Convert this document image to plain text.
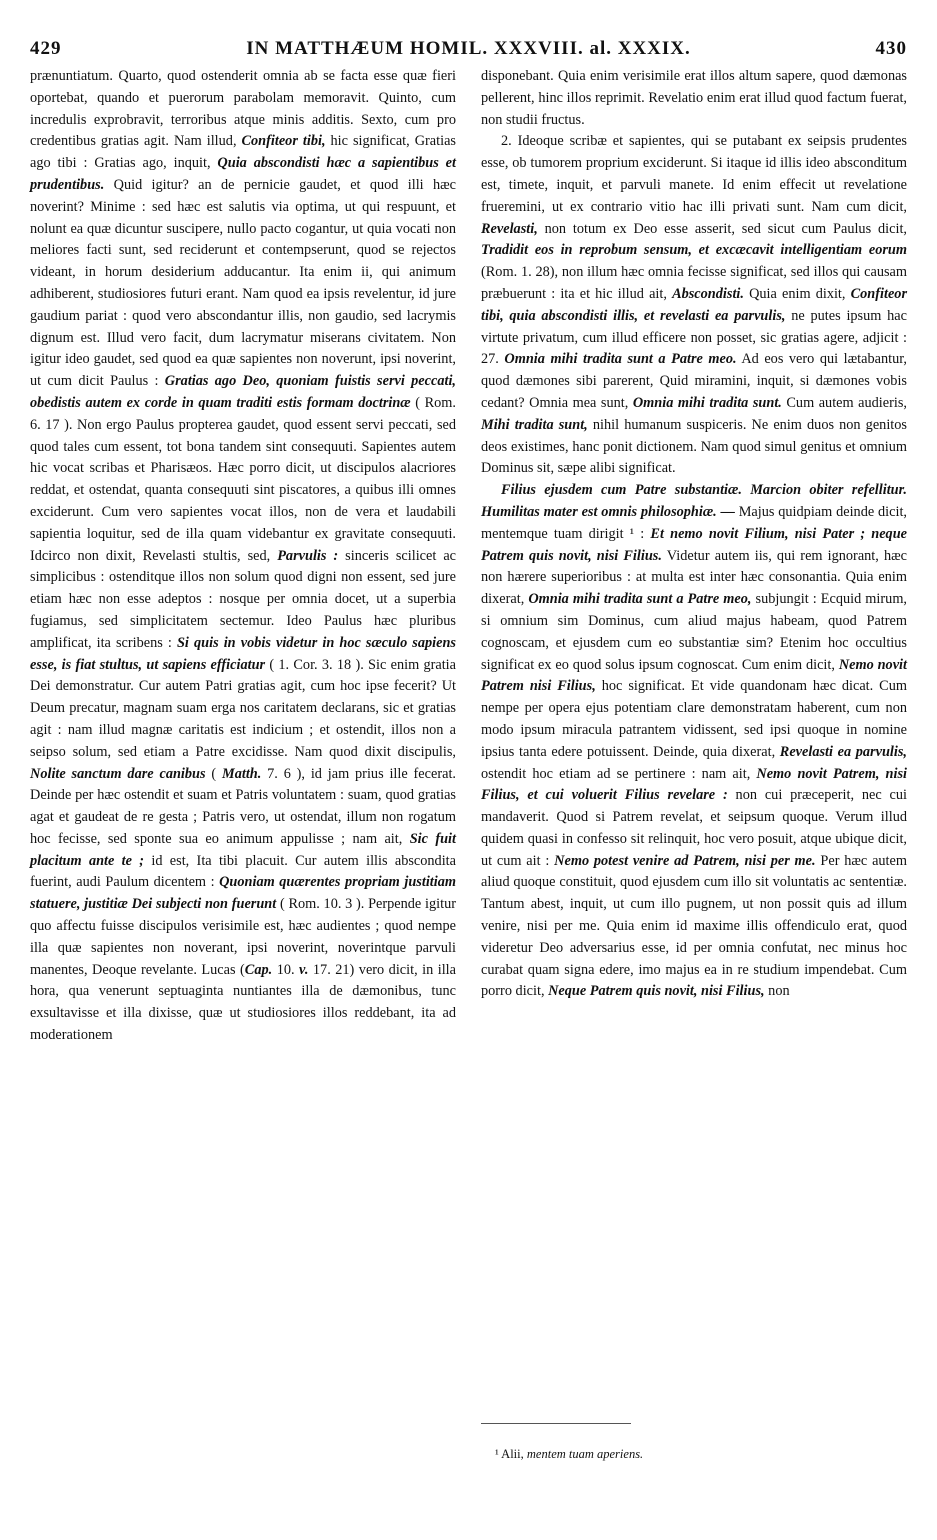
429	IN MATTHÆUM HOMIL. XXXVIII. al. XXXIX.	430

prænuntiatum. Quarto, quod ostenderit omnia ab se facta esse quæ fieri oportebat, quando et puerorum parabolam memoravit. Quinto, cum incredulis exprobravit, terroribus atque minis additis. Sexto, cum pro credentibus gratias agit. Nam illud, Confiteor tibi, hic significat, Gratias ago tibi : Gratias ago, inquit, Quia abscondisti hæc a sapientibus et prudentibus. Quid igitur? an de pernicie gaudet, et quod illi hæc noverint? Minime : sed hæc est salutis via optima, ut qui respuunt, et nolunt ea quæ dicuntur suscipere, nullo pacto cogantur, ut quia vocati non meliores facti sunt, sed reciderunt et contempserunt, quod se rejectos videant, in horum desiderium adducantur. Ita enim ii, qui animum adhiberent, studiosiores futuri erant. Nam quod ea ipsis revelentur, id jure gaudium pariat : quod vero abscondantur illis, non gaudio, sed lacrymis dignum est. Illud vero facit, dum lacrymatur miserans civitatem. Non igitur ideo gaudet, sed quod ea quæ sapientes non noverunt, ipsi noverint, ut cum dicit Paulus : Gratias ago Deo, quoniam fuistis servi peccati, obedistis autem ex corde in quam traditi estis formam doctrinæ ( Rom. 6. 17 ). Non ergo Paulus propterea gaudet, quod essent servi peccati, sed quod tales cum essent, tot bona tandem sint consequuti. Sapientes autem hic vocat scribas et Pharisæos. Hæc porro dicit, ut discipulos alacriores reddat, et ostendat, quanta consequuti sint piscatores, a quibus illi omnes exciderunt. Cum vero sapientes vocat illos, non de vera et laudabili sapientia loquitur, sed de illa quam videbantur ex gravitate consequuti. Idcirco non dixit, Revelasti stultis, sed, Parvulis : sinceris scilicet ac simplicibus : ostenditque illos non solum quod digni non essent, sed jure etiam hæc non esse adeptos : nosque per omnia docet, ut a superbia fugiamus, sed simplicitatem sectemur. Ideo Paulus hæc pluribus amplificat, ita scribens : Si quis in vobis videtur in hoc sæculo sapiens esse, is fiat stultus, ut sapiens efficiatur ( 1. Cor. 3. 18 ). Sic enim gratia Dei demonstratur. Cur autem Patri gratias agit, cum hoc ipse fecerit? Ut Deum precatur, magnam suam erga nos caritatem declarans, sic et gratias agit : nam illud magnæ caritatis est indicium ; et ostendit, illos non a seipso solum, sed etiam a Patre excidisse. Nam quod dixit discipulis, Nolite sanctum dare canibus ( Matth. 7. 6 ), id jam prius ille fecerat. Deinde per hæc ostendit et suam et Patris voluntatem : suam, quod gratias agat et gaudeat de re gesta ; Patris vero, ut ostendat, illum non rogatum hoc fecisse, sed sponte sua eo animum appulisse ; nam ait, Sic fuit placitum ante te ; id est, Ita tibi placuit. Cur autem illis abscondita fuerint, audi Paulum dicentem : Quoniam quærentes propriam justitiam statuere, justitiæ Dei subjecti non fuerunt ( Rom. 10. 3 ). Perpende igitur quo affectu fuisse discipulos verisimile est, hæc audientes ; quod nempe illa quæ sapientes non noverant, ipsi noverint, noverintque parvuli manentes, Deoque revelante. Lucas (Cap. 10. v. 17. 21) vero dicit, in illa hora, qua venerunt septuaginta nuntiantes illa de dæmonibus, tunc exsultavisse et illa dixisse, quæ ut studiosiores illos reddebant, ita ad moderationem

disponebant. Quia enim verisimile erat illos altum sapere, quod dæmonas pellerent, hinc illos reprimit. Revelatio enim erat illud quod factum fuerat, non studii fructus.

2. Ideoque scribæ et sapientes, qui se putabant ex seipsis prudentes esse, ob tumorem proprium exciderunt. Si itaque id illis ideo absconditum est, timete, inquit, et parvuli manete. Id enim effecit ut revelatione frueremini, ut ex contrario vitio hac illi privati sunt. Nam cum dicit, Revelasti, non totum ex Deo esse asserit, sed sicut cum Paulus dicit, Tradidit eos in reprobum sensum, et excæcavit intelligentiam eorum (Rom. 1. 28), non illum hæc omnia fecisse significat, sed illos qui causam præbuerunt : ita et hic illud ait, Abscondisti. Quia enim dixit, Confiteor tibi, quia abscondisti illis, et revelasti ea parvulis, ne putes ipsum hac virtute privatum, cum illud efficere non posset, sic gratias agere, adjicit : 27. Omnia mihi tradita sunt a Patre meo. Ad eos vero qui lætabantur, quod dæmones sibi parerent, Quid miramini, inquit, si dæmones vobis cedant? Omnia mea sunt, Omnia mihi tradita sunt. Cum autem audieris, Mihi tradita sunt, nihil humanum suspiceris. Ne enim duos non genitos deos existimes, hanc ponit dictionem. Nam quod simul genitus et omnium Dominus sit, sæpe alibi significat.

Filius ejusdem cum Patre substantiæ. Marcion obiter refellitur. Humilitas mater est omnis philosophiæ. — Majus quidpiam deinde dicit, mentemque tuam dirigit ¹ : Et nemo novit Filium, nisi Pater ; neque Patrem quis novit, nisi Filius. Videtur autem iis, qui rem ignorant, hæc non hærere superioribus : at multa est inter hæc consonantia. Quia enim dixerat, Omnia mihi tradita sunt a Patre meo, subjungit : Ecquid mirum, si omnium sim Dominus, cum aliud majus habeam, quod Patrem cognoscam, et ejusdem cum eo substantiæ sim? Etenim hoc occultius significat ex eo quod solus ipsum cognoscat. Cum enim dicit, Nemo novit Patrem nisi Filius, hoc significat. Et vide quandonam hæc dicat. Cum nempe per opera ejus potentiam clare demonstratam haberent, cum non modo ipsum miracula patrantem vidissent, sed ipsi quoque in nomine ipsius tanta edere potuissent. Deinde, quia dixerat, Revelasti ea parvulis, ostendit hoc etiam ad se pertinere : nam ait, Nemo novit Patrem, nisi Filius, et cui voluerit Filius revelare : non cui præceperit, nec cui mandaverit. Quod si Patrem revelat, et seipsum quoque. Verum illud quidem quasi in confesso sit relinquit, hoc vero posuit, atque ubique dicit, ut cum ait : Nemo potest venire ad Patrem, nisi per me. Per hæc autem aliud quoque constituit, quod ejusdem cum illo sit voluntatis ac sententiæ. Tantum abest, inquit, ut cum illo pugnem, ut non possit quis ad illum venire, nisi per me. Quia enim id maxime illis offendiculo erat, quod videretur Deo adversarius esse, id per omnia confutat, nec minus hoc curabat quam signa edere, imo majus ea in re studium impendebat. Cum porro dicit, Neque Patrem quis novit, nisi Filius, non

¹ Alii, mentem tuam aperiens.
